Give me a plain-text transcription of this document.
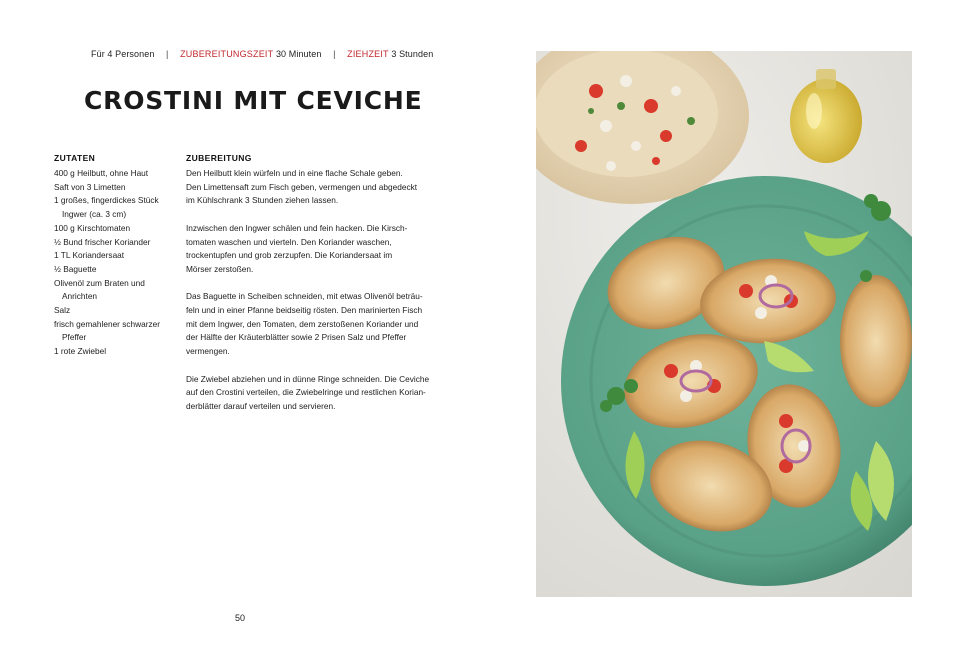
Für 4 Personen | ZUBEREITUNGSZEIT 30 Minuten | ZIEHZEIT 3 Stunden
CROSTINI MIT CEVICHE
ZUTATEN
400 g Heilbutt, ohne Haut
Saft von 3 Limetten
1 großes, fingerdickes Stück Ingwer (ca. 3 cm)
100 g Kirschtomaten
½ Bund frischer Koriander
1 TL Koriandersaat
½ Baguette
Olivenöl zum Braten und Anrichten
Salz
frisch gemahlener schwarzer Pfeffer
1 rote Zwiebel
ZUBEREITUNG

Den Heilbutt klein würfeln und in eine flache Schale geben.
Den Limettensaft zum Fisch geben, vermengen und abgedeckt
im Kühlschrank 3 Stunden ziehen lassen.

Inzwischen den Ingwer schälen und fein hacken. Die Kirsch-
tomaten waschen und vierteln. Den Koriander waschen,
trockentupfen und grob zerzupfen. Die Koriandersaat im
Mörser zerstoßen.

Das Baguette in Scheiben schneiden, mit etwas Olivenöl beträu-
feln und in einer Pfanne beidseitig rösten. Den marinierten Fisch
mit dem Ingwer, den Tomaten, dem zerstoßenen Koriander und
der Hälfte der Kräuterblätter sowie 2 Prisen Salz und Pfeffer
vermengen.

Die Zwiebel abziehen und in dünne Ringe schneiden. Die Ceviche
auf den Crostini verteilen, die Zwiebelringe und restlichen Korian-
derblätter darauf verteilen und servieren.

50
